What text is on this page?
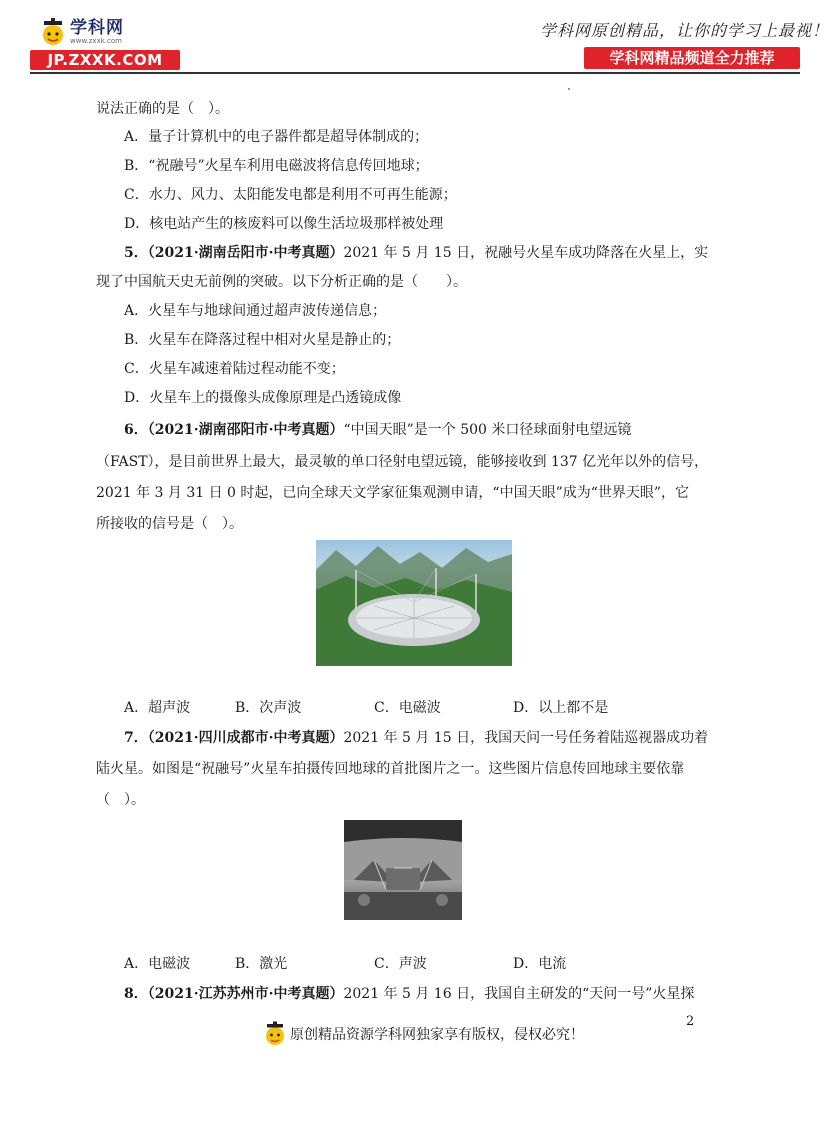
学科网
www.zxxk.com
JP.ZXXK.COM
学科网原创精品，让你的学习上最视！
学科网精品频道全力推荐
说法正确的是（　）。
A．量子计算机中的电子器件都是超导体制成的；
B．“祝融号”火星车利用电磁波将信息传回地球；
C．水力、风力、太阳能发电都是利用不可再生能源；
D．核电站产生的核废料可以像生活垃圾那样被处理
5．（2021·湖南岳阳市·中考真题）2021 年 5 月 15 日，祝融号火星车成功降落在火星上，实
现了中国航天史无前例的突破。以下分析正确的是（　　）。
A．火星车与地球间通过超声波传递信息；
B．火星车在降落过程中相对火星是静止的；
C．火星车减速着陆过程动能不变；
D．火星车上的摄像头成像原理是凸透镜成像
6．（2021·湖南邵阳市·中考真题）“中国天眼”是一个 500 米口径球面射电望远镜
（FAST），是目前世界上最大，最灵敏的单口径射电望远镜，能够接收到 137 亿光年以外的信号，
2021 年 3 月 31 日 0 时起，已向全球天文学家征集观测申请，“中国天眼”成为“世界天眼”，它
所接收的信号是（　）。
A．超声波	B．次声波	C．电磁波	D．以上都不是
7．（2021·四川成都市·中考真题）2021 年 5 月 15 日，我国天问一号任务着陆巡视器成功着
陆火星。如图是“祝融号”火星车拍摄传回地球的首批图片之一。这些图片信息传回地球主要依靠
（　）。
A．电磁波	B．激光	C．声波	D．电流
8．（2021·江苏苏州市·中考真题）2021 年 5 月 16 日，我国自主研发的“天问一号”火星探
2
原创精品资源学科网独家享有版权，侵权必究！
